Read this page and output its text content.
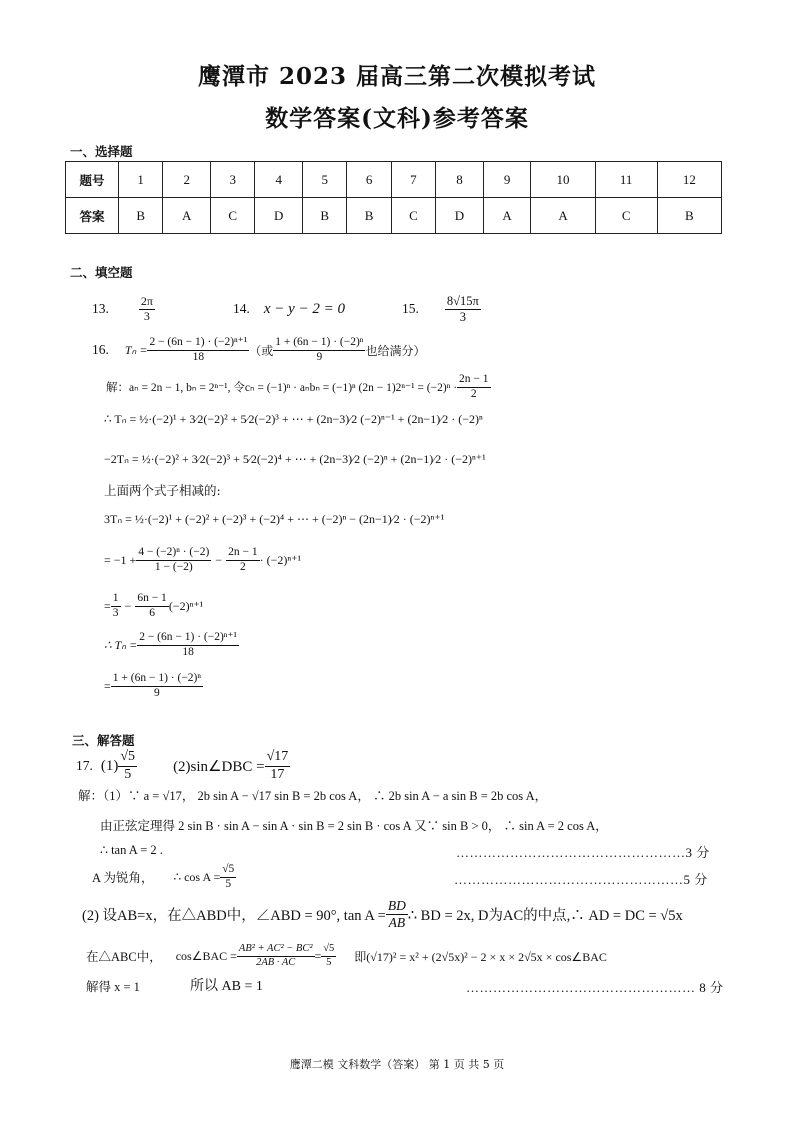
鹰潭市 2023 届高三第二次模拟考试
数学答案(文科)参考答案
一、选择题
题号	1	2	3	4	5	6	7	8	9	10	11	12
答案	B	A	C	D	B	B	C	D	A	A	C	B
二、填空题
13.	$\frac{2\pi}{3}$	14. x − y − 2 = 0	15. $\frac{8√15\pi}{3}$
16. $T_n = \frac{\text{2 − (6n − 1) · (−2)ⁿ⁺¹}}{18}$ （或 $\frac{\text{1 + (6n − 1) · (−2)ⁿ}}{9}$ 也给满分）
解：aₙ = 2n − 1, bₙ = 2ⁿ⁻¹, 令cₙ = (−1)ⁿ · aₙbₙ = (−1)ⁿ $(2n - 1)2^{n-1} = (-2)^n \cdot \frac{2n - 1}{2}$
∴ Tₙ = ½·(−2)¹ + 3⁄2(−2)² + 5⁄2(−2)³ + ⋯ + (2n−3)⁄2 (−2)ⁿ⁻¹ + (2n−1)⁄2 · (−2)ⁿ
−2Tₙ = ½·(−2)² + 3⁄2(−2)³ + 5⁄2(−2)⁴ + ⋯ + (2n−3)⁄2 (−2)ⁿ + (2n−1)⁄2 · (−2)ⁿ⁺¹
上面两个式子相减的:
3Tₙ = ½·(−2)¹ + (−2)² + (−2)³ + (−2)⁴ + ⋯ + (−2)ⁿ − (2n−1)⁄2 · (−2)ⁿ⁺¹
= $-1 + \frac{\text{4 − (−2)ⁿ · (−2)}}{1 - (-2)} - \frac{2n - 1}{2} \cdot (-2)^{n+1}$
= $\frac{1}{3} - \frac{6n - 1}{6} (-2)^{n+1}$
∴ $T_n = \frac{\text{2 − (6n − 1) · (−2)ⁿ⁺¹}}{18}$
= $\frac{\text{1 + (6n − 1) · (−2)ⁿ}}{9}$
三、解答题
17. $(1) \frac{√5}{5}$ (2)sin∠DBC = $\frac{√17}{17}$
解：（1）∵ a = √17， 2b sin A − √17 sin B = 2b cos A， ∴ 2b sin A − a sin B = 2b cos A，
由正弦定理得 2 sin B · sin A − sin A · sin B = 2 sin B · cos A 又∵ sin B > 0， ∴ sin A = 2 cos A，
∴ tan A = 2 .	……………………………………………3 分
A 为锐角， ∴ $\cos A = \frac{√5}{5}$	……………………………………………5 分
(2) 设AB=x，在△ABD中，∠ABD = 90°, $\tan A = \frac{BD}{AB}$ ∴ BD = 2x, D为AC的中点,∴ AD = DC = √5x
在△ABC中， cos∠BAC = $\frac{\text{AB² + AC² − BC²}}{2AB \cdot AC} = \frac{√5}{5}$ 即(√17)² = x² + (2√5x)² − 2 × x × 2√5x × cos∠BAC
解得 x = 1	所以 AB = 1	…………………………………………… 8 分
鹰潭二模 文科数学（答案） 第 1 页 共 5 页
